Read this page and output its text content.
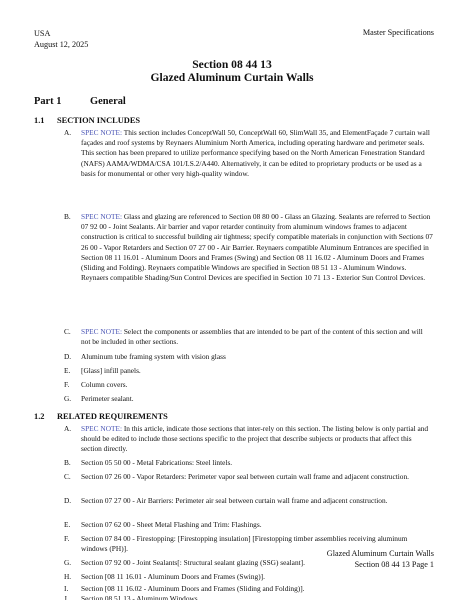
USA
August 12, 2025
Master Specifications
Section 08 44 13
Glazed Aluminum Curtain Walls
Part 1	General
1.1 SECTION INCLUDES
A.	SPEC NOTE: This section includes ConceptWall 50, ConceptWall 60, SlimWall 35, and ElementFaçade 7 curtain wall façades and roof systems by Reynaers Aluminium North America, including operating hardware and perimeter seals. This section has been prepared to utilize performance specifying based on the North American Fenestration Standard (NAFS) AAMA/WDMA/CSA 101/I.S.2/A440. Alternatively, it can be edited to proprietary products or be used as a basis for monumental or other very high-quality window.
B.	SPEC NOTE: Glass and glazing are referenced to Section 08 80 00 - Glass an Glazing. Sealants are referred to Section 07 92 00 - Joint Sealants. Air barrier and vapor retarder continuity from aluminum windows frames to adjacent construction is critical to successful building air tightness; specify compatible materials in conjunction with Sections 07 26 00 - Vapor Retarders and Section 07 27 00 - Air Barrier. Reynaers compatible Aluminum Entrances are specified in Section 08 11 16.01 - Aluminum Doors and Frames (Swing) and Section 08 11 16.02 - Aluminum Doors and Frames (Sliding and Folding). Reynaers compatible Windows are specified in Section 08 51 13 - Aluminum Windows. Reynaers compatible Shading/Sun Control Devices are specified in Section 10 71 13 - Exterior Sun Control Devices.
C.	SPEC NOTE: Select the components or assemblies that are intended to be part of the content of this section and will not be included in other sections.
D.	Aluminum tube framing system with vision glass
E.	[Glass] infill panels.
F.	Column covers.
G.	Perimeter sealant.
1.2 RELATED REQUIREMENTS
A.	SPEC NOTE: In this article, indicate those sections that inter-rely on this section. The listing below is only partial and should be edited to include those sections specific to the project that describe subjects or products that affect this section directly.
B.	Section 05 50 00 - Metal Fabrications: Steel lintels.
C.	Section 07 26 00 - Vapor Retarders: Perimeter vapor seal between curtain wall frame and adjacent construction.
D.	Section 07 27 00 - Air Barriers: Perimeter air seal between curtain wall frame and adjacent construction.
E.	Section 07 62 00 - Sheet Metal Flashing and Trim: Flashings.
F.	Section 07 84 00 - Firestopping: [Firestopping insulation] [Firestopping timber assemblies receiving aluminum windows (PH)].
G.	Section 07 92 00 - Joint Sealants[: Structural sealant glazing (SSG) sealant].
H.	Section [08 11 16.01 - Aluminum Doors and Frames (Swing)].
I.	Section [08 11 16.02 - Aluminum Doors and Frames (Sliding and Folding)].
J.	Section 08 51 13 - Aluminum Windows.
Glazed Aluminum Curtain Walls
Section 08 44 13 Page 1
